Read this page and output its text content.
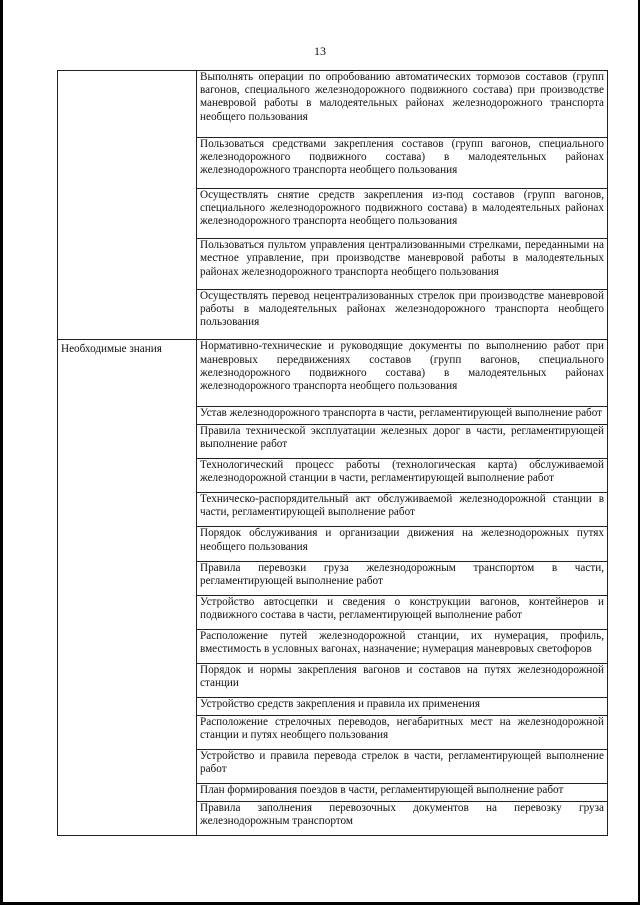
13

	Выполнять операции по опробованию автоматических тормозов составов (групп вагонов, специального железнодорожного подвижного состава) при производстве маневровой работы в малодеятельных районах железнодорожного транспорта необщего пользования

	Пользоваться средствами закрепления составов (групп вагонов, специального железнодорожного подвижного состава) в малодеятельных районах железнодорожного транспорта необщего пользования

	Осуществлять снятие средств закрепления из-под составов (групп вагонов, специального железнодорожного подвижного состава) в малодеятельных районах железнодорожного транспорта необщего пользования

	Пользоваться пультом управления централизованными стрелками, переданными на местное управление, при производстве маневровой работы в малодеятельных районах железнодорожного транспорта необщего пользования

	Осуществлять перевод нецентрализованных стрелок при производстве маневровой работы в малодеятельных районах железнодорожного транспорта необщего пользования

Необходимые знания	Нормативно-технические и руководящие документы по выполнению работ при маневровых передвижениях составов (групп вагонов, специального железнодорожного подвижного состава) в малодеятельных районах железнодорожного транспорта необщего пользования

	Устав железнодорожного транспорта в части, регламентирующей выполнение работ

	Правила технической эксплуатации железных дорог в части, регламентирующей выполнение работ

	Технологический процесс работы (технологическая карта) обслуживаемой железнодорожной станции в части, регламентирующей выполнение работ

	Техническо-распорядительный акт обслуживаемой железнодорожной станции в части, регламентирующей выполнение работ

	Порядок обслуживания и организации движения на железнодорожных путях необщего пользования

	Правила перевозки груза железнодорожным транспортом в части, регламентирующей выполнение работ

	Устройство автосцепки и сведения о конструкции вагонов, контейнеров и подвижного состава в части, регламентирующей выполнение работ

	Расположение путей железнодорожной станции, их нумерация, профиль, вместимость в условных вагонах, назначение; нумерация маневровых светофоров

	Порядок и нормы закрепления вагонов и составов на путях железнодорожной станции

	Устройство средств закрепления и правила их применения

	Расположение стрелочных переводов, негабаритных мест на железнодорожной станции и путях необщего пользования

	Устройство и правила перевода стрелок в части, регламентирующей выполнение работ

	План формирования поездов в части, регламентирующей выполнение работ

	Правила заполнения перевозочных документов на перевозку груза железнодорожным транспортом
